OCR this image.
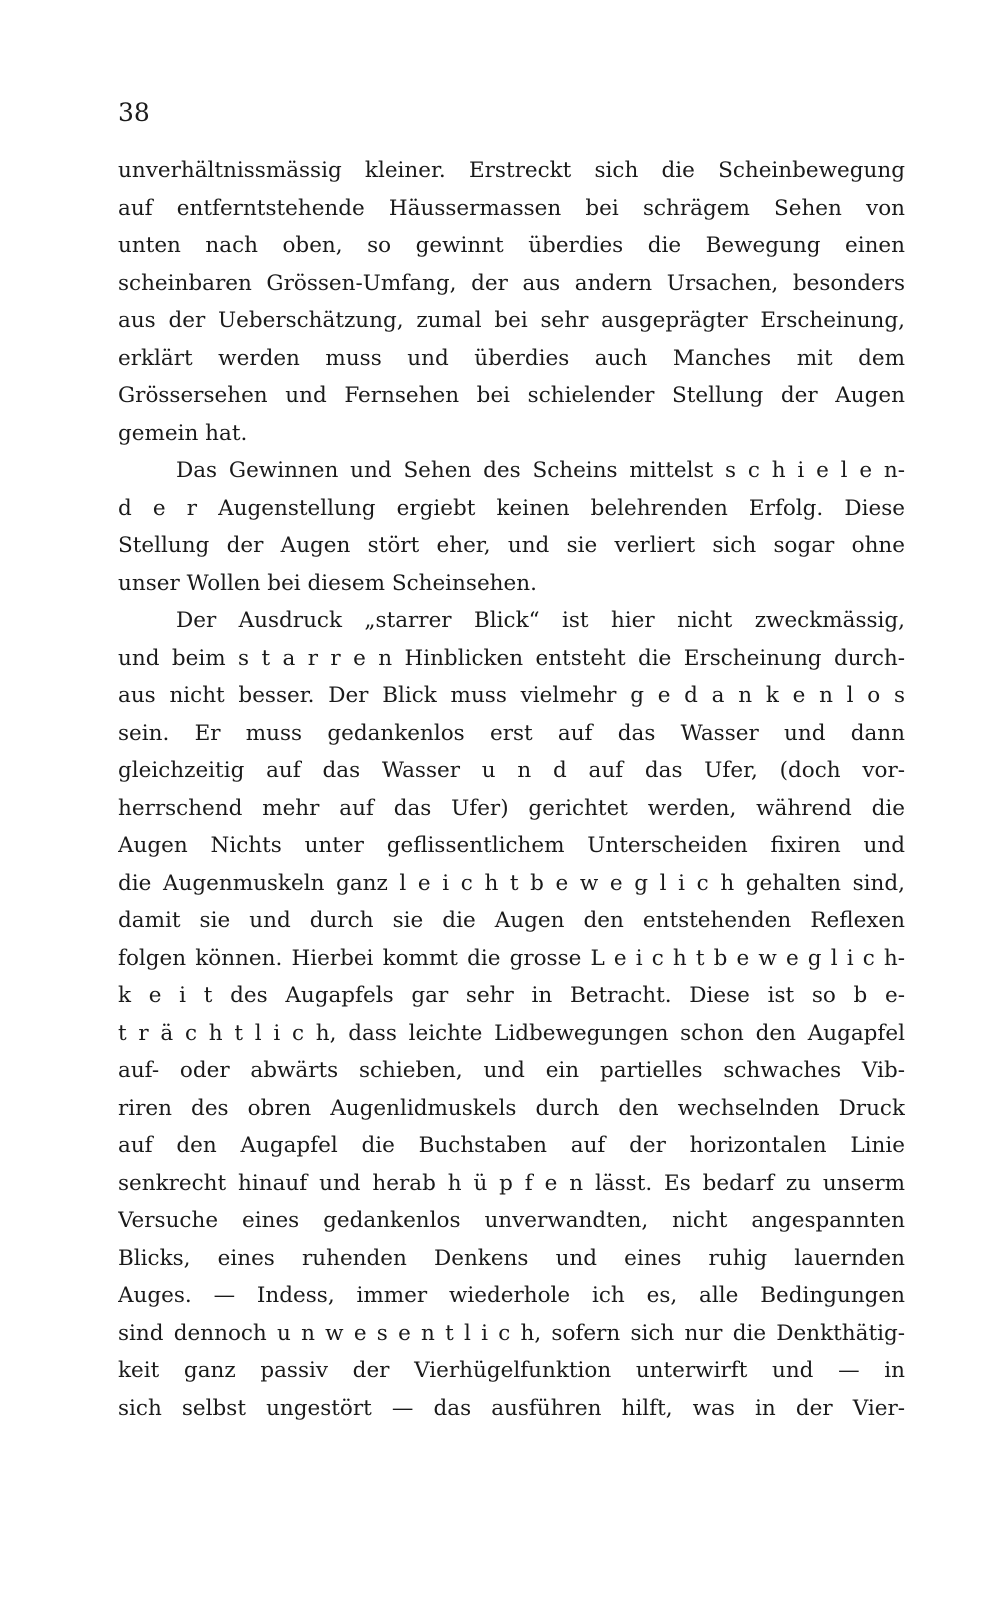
38
unverhältnissmässig kleiner. Erstreckt sich die Scheinbewegung
auf entferntstehende Häussermassen bei schrägem Sehen von
unten nach oben, so gewinnt überdies die Bewegung einen
scheinbaren Grössen-Umfang, der aus andern Ursachen, besonders
aus der Ueberschätzung, zumal bei sehr ausgeprägter Erscheinung,
erklärt werden muss und überdies auch Manches mit dem
Grössersehen und Fernsehen bei schielender Stellung der Augen
gemein hat.
Das Gewinnen und Sehen des Scheins mittelst s c h i e l e n-
d e r Augenstellung ergiebt keinen belehrenden Erfolg. Diese
Stellung der Augen stört eher, und sie verliert sich sogar ohne
unser Wollen bei diesem Scheinsehen.
Der Ausdruck „starrer Blick“ ist hier nicht zweckmässig,
und beim s t a r r e n Hinblicken entsteht die Erscheinung durch-
aus nicht besser. Der Blick muss vielmehr g e d a n k e n l o s
sein. Er muss gedankenlos erst auf das Wasser und dann
gleichzeitig auf das Wasser u n d auf das Ufer, (doch vor-
herrschend mehr auf das Ufer) gerichtet werden, während die
Augen Nichts unter geflissentlichem Unterscheiden fixiren und
die Augenmuskeln ganz l e i c h t b e w e g l i c h gehalten sind,
damit sie und durch sie die Augen den entstehenden Reflexen
folgen können. Hierbei kommt die grosse L e i c h t b e w e g l i c h-
k e i t des Augapfels gar sehr in Betracht. Diese ist so b e-
t r ä c h t l i c h, dass leichte Lidbewegungen schon den Augapfel
auf- oder abwärts schieben, und ein partielles schwaches Vib-
riren des obren Augenlidmuskels durch den wechselnden Druck
auf den Augapfel die Buchstaben auf der horizontalen Linie
senkrecht hinauf und herab h ü p f e n lässt. Es bedarf zu unserm
Versuche eines gedankenlos unverwandten, nicht angespannten
Blicks, eines ruhenden Denkens und eines ruhig lauernden
Auges. — Indess, immer wiederhole ich es, alle Bedingungen
sind dennoch u n w e s e n t l i c h, sofern sich nur die Denkthätig-
keit ganz passiv der Vierhügelfunktion unterwirft und — in
sich selbst ungestört — das ausführen hilft, was in der Vier-
